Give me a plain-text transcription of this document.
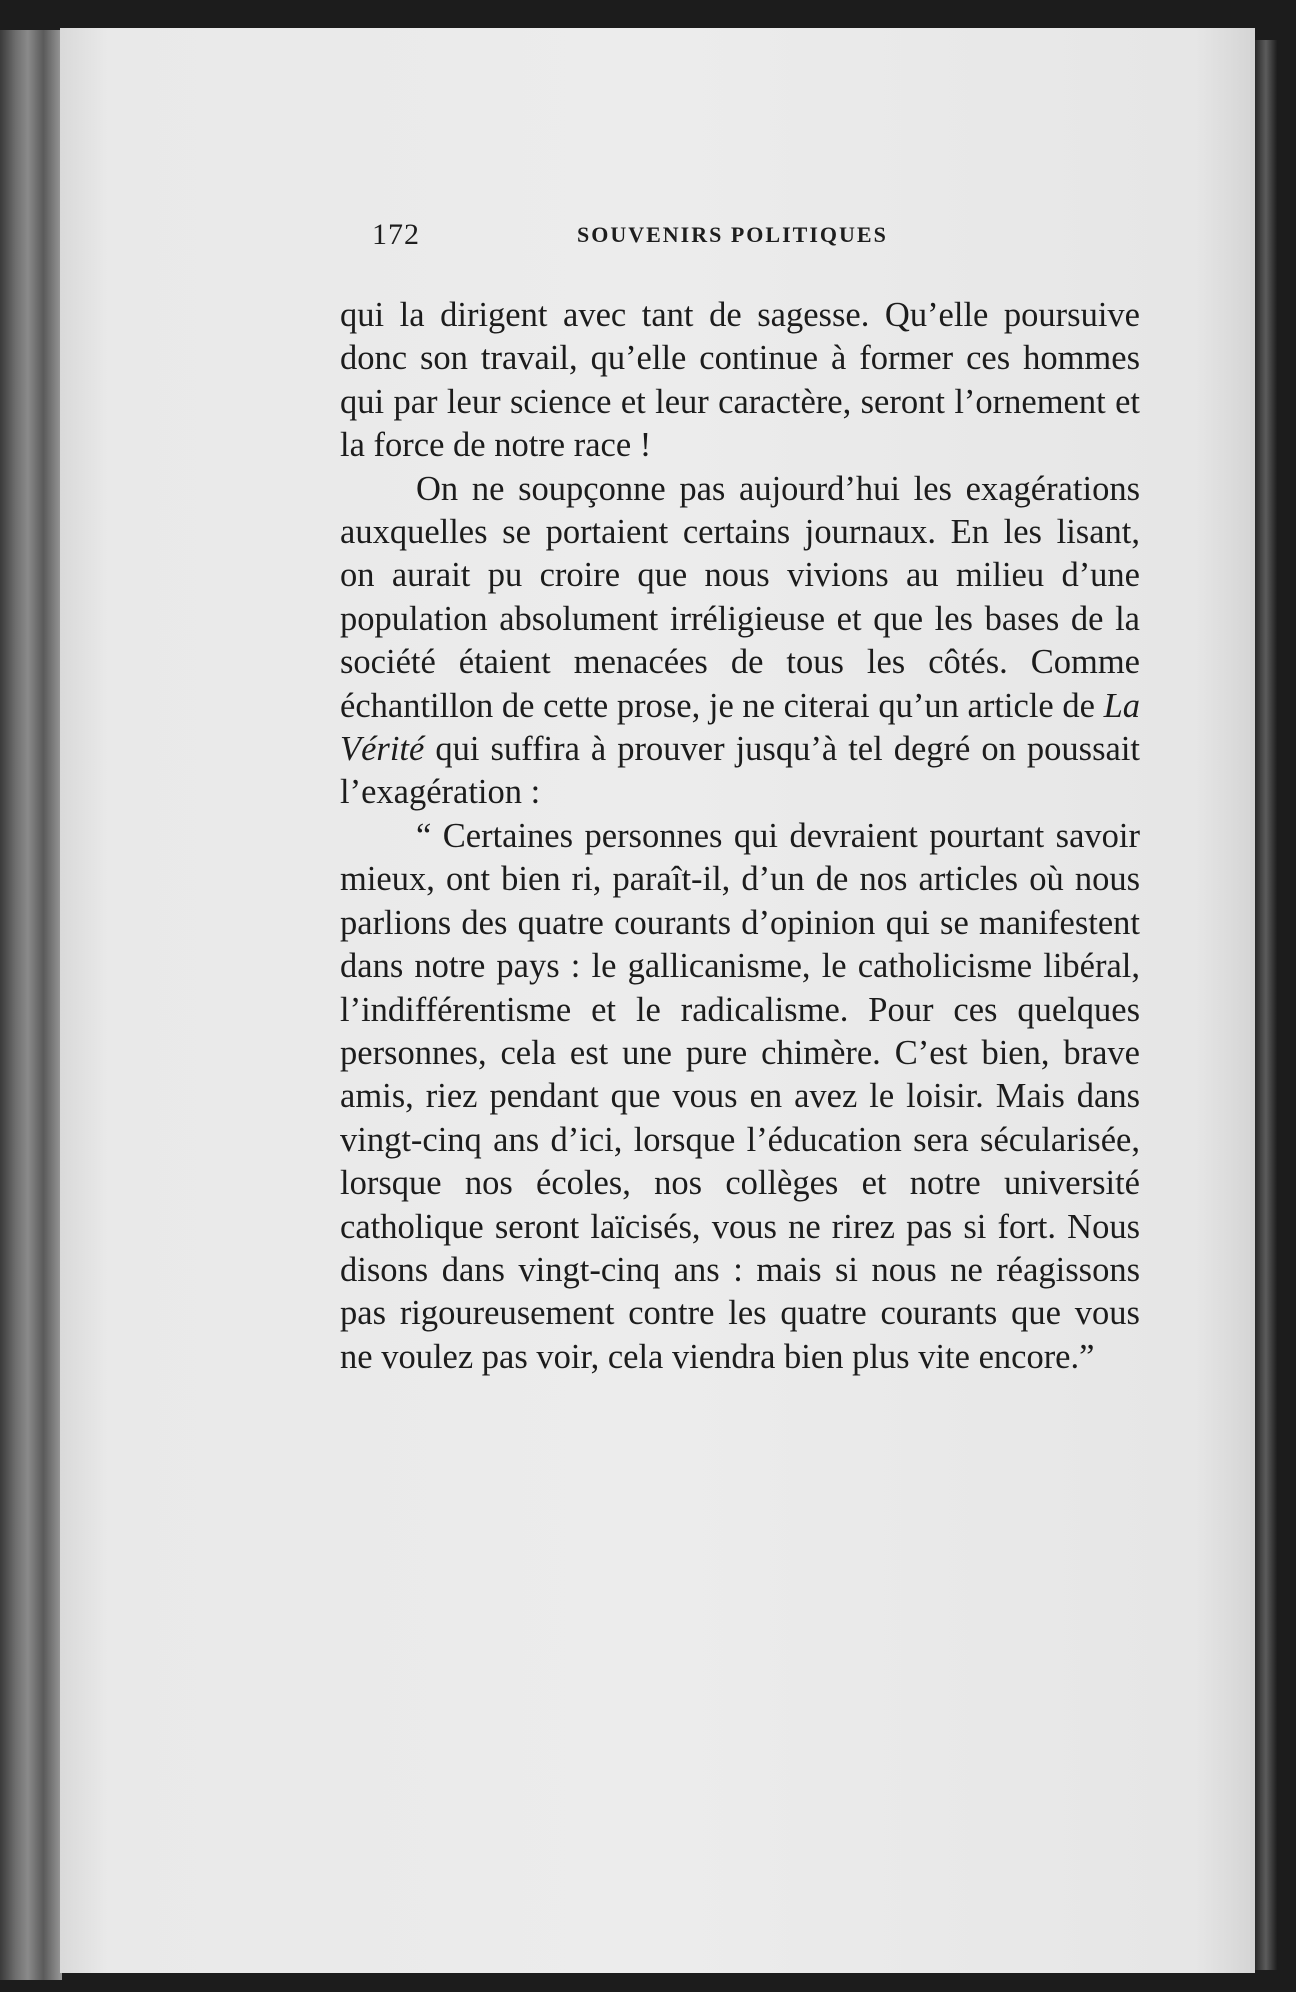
172	SOUVENIRS POLITIQUES

qui la dirigent avec tant de sagesse. Qu’elle poursuive donc son travail, qu’elle continue à former ces hommes qui par leur science et leur caractère, seront l’ornement et la force de notre race !

On ne soupçonne pas aujourd’hui les exagérations auxquelles se portaient certains journaux. En les lisant, on aurait pu croire que nous vivions au milieu d’une population absolument irréligieuse et que les bases de la société étaient menacées de tous les côtés. Comme échantillon de cette prose, je ne citerai qu’un article de La Vérité qui suffira à prouver jusqu’à tel degré on poussait l’exagération :

“ Certaines personnes qui devraient pourtant savoir mieux, ont bien ri, paraît-il, d’un de nos articles où nous parlions des quatre courants d’opinion qui se manifestent dans notre pays : le gallicanisme, le catholicisme libéral, l’indifférentisme et le radicalisme. Pour ces quelques personnes, cela est une pure chimère. C’est bien, brave amis, riez pendant que vous en avez le loisir. Mais dans vingt-cinq ans d’ici, lorsque l’éducation sera sécularisée, lorsque nos écoles, nos collèges et notre université catholique seront laïcisés, vous ne rirez pas si fort. Nous disons dans vingt-cinq ans : mais si nous ne réagissons pas rigoureusement contre les quatre courants que vous ne voulez pas voir, cela viendra bien plus vite encore.”
